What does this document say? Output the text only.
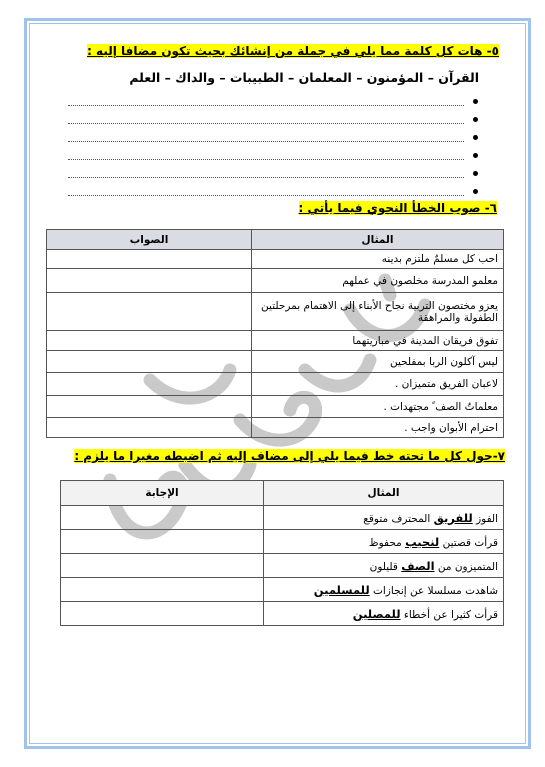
٥- هات كل كلمة مما يلي في جملة من إنشائك بحيث تكون مضافا إليه :
القرآن – المؤمنون – المعلمان – الطبيبات – والداك – العلم
٦- صوب الخطأ النحوي فيما يأتي :
المثال	الصواب
احب كل مسلمٌ ملتزم بدينه	
معلمو المدرسة مخلصون في عملهم	
يعزو مختصون التربية نجاح الأبناء إلى الاهتمام بمرحلتين الطفولة والمراهقة	
تفوق فريقان المدينة في مباريتهما	
ليس آكلون الربا بمفلحين	
لاعبان الفريق متميزان .	
معلماتُ الصف ً مجتهدات .	
احترام الأبوان واجب .	
٧-حول كل ما تحته خط فيما يلي إلى مضاف إليه ثم اضبطه مغيرا ما يلزم :
المثال	الإجابة
الفوز للفريق المحترف متوقع	
قرأت قصتين لنجيب محفوظ	
المتميزون من الصف قليلون	
شاهدت مسلسلا عن إنجازات للمسلمين	
قرأت كثيرا عن أخطاء للمصلين	
